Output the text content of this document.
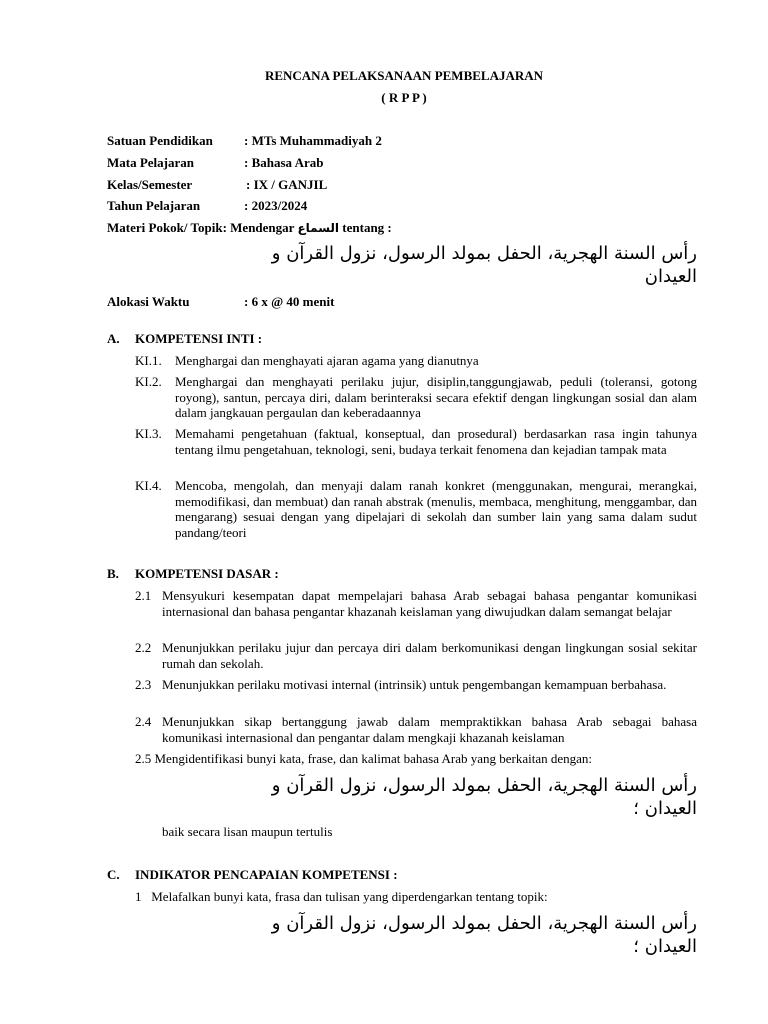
RENCANA PELAKSANAAN PEMBELAJARAN
( R P P )
Satuan Pendidikan : MTs Muhammadiyah 2
Mata Pelajaran	: Bahasa Arab
Kelas/Semester	: IX / GANJIL
Tahun Pelajaran	: 2023/2024
Materi Pokok/ Topik: Mendengar السماع tentang :
رأس السنة الهجرية، الحفل بمولد الرسول، نزول القرآن و
العيدان
Alokasi Waktu	: 6 x @ 40 menit
A. KOMPETENSI INTI :
KI.1. Menghargai dan menghayati ajaran agama yang dianutnya
KI.2. Menghargai dan menghayati perilaku jujur, disiplin,tanggungjawab, peduli (toleransi, gotong royong), santun, percaya diri, dalam berinteraksi secara efektif dengan lingkungan sosial dan alam dalam jangkauan pergaulan dan keberadaannya
KI.3. Memahami pengetahuan (faktual, konseptual, dan prosedural) berdasarkan rasa ingin tahunya tentang ilmu pengetahuan, teknologi, seni, budaya terkait fenomena dan kejadian tampak mata
KI.4. Mencoba, mengolah, dan menyaji dalam ranah konkret (menggunakan, mengurai, merangkai, memodifikasi, dan membuat) dan ranah abstrak (menulis, membaca, menghitung, menggambar, dan mengarang) sesuai dengan yang dipelajari di sekolah dan sumber lain yang sama dalam sudut pandang/teori
B. KOMPETENSI DASAR :
2.1 Mensyukuri kesempatan dapat mempelajari bahasa Arab sebagai bahasa pengantar komunikasi internasional dan bahasa pengantar khazanah keislaman yang diwujudkan dalam semangat belajar
2.2 Menunjukkan perilaku jujur dan percaya diri dalam berkomunikasi dengan lingkungan sosial sekitar rumah dan sekolah.
2.3 Menunjukkan perilaku motivasi internal (intrinsik) untuk pengembangan kemampuan berbahasa.
2.4 Menunjukkan sikap bertanggung jawab dalam mempraktikkan bahasa Arab sebagai bahasa komunikasi internasional dan pengantar dalam mengkaji khazanah keislaman
2.5 Mengidentifikasi bunyi kata, frase, dan kalimat bahasa Arab yang berkaitan dengan:
رأس السنة الهجرية، الحفل بمولد الرسول، نزول القرآن و
العيدان ؛
baik secara lisan maupun tertulis
C. INDIKATOR PENCAPAIAN KOMPETENSI :
1   Melafalkan bunyi kata, frasa dan tulisan yang diperdengarkan tentang topik:
رأس السنة الهجرية، الحفل بمولد الرسول، نزول القرآن و
العيدان ؛
